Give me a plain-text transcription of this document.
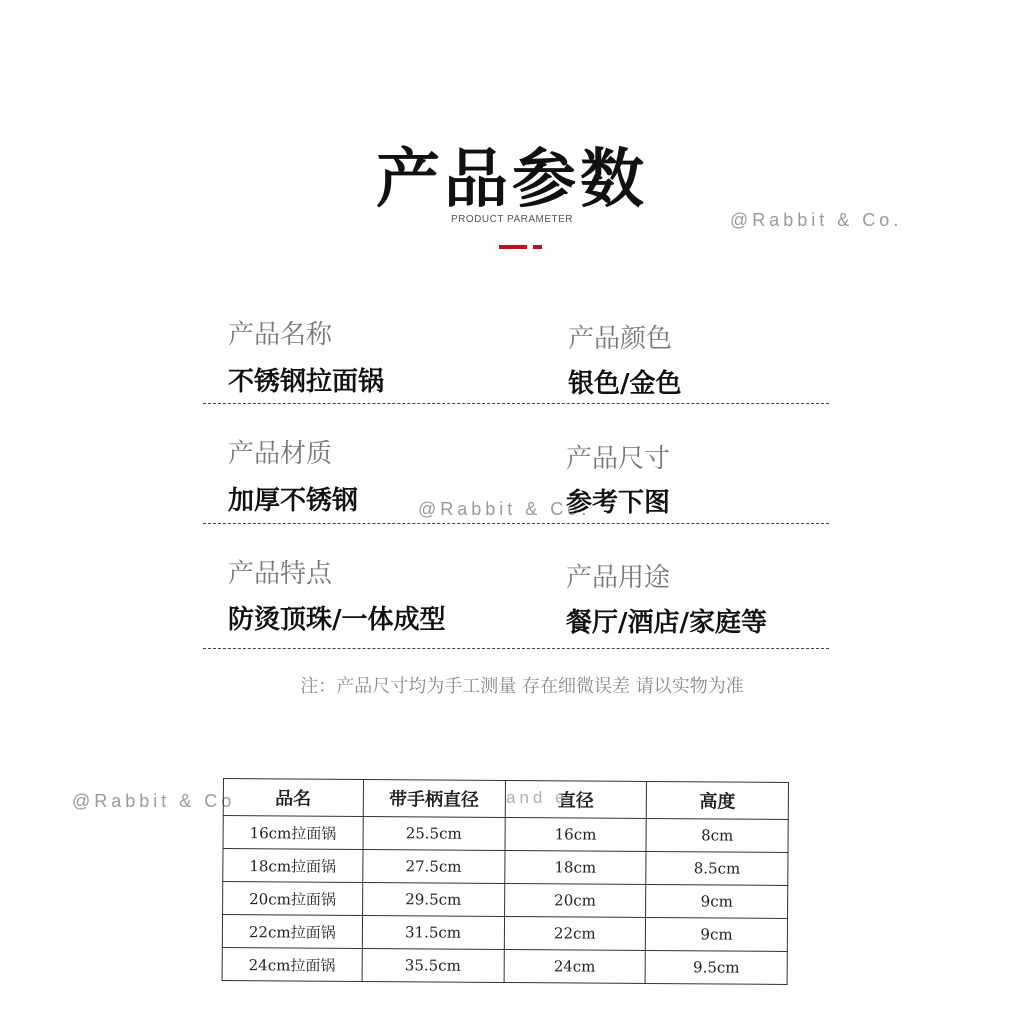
产品参数
PRODUCT PARAMETER	@Rabbit & Co.
@Rabbit & Co.
@Rabbit & Co
产品名称
不锈钢拉面锅
产品颜色
银色/金色
产品材质
加厚不锈钢
产品尺寸
参考下图
产品特点
防烫顶珠/一体成型
产品用途
餐厅/酒店/家庭等
注：产品尺寸均为手工测量 存在细微误差 请以实物为准
品名	带手柄直径	直径	高度
16cm拉面锅	25.5cm	16cm	8cm
18cm拉面锅	27.5cm	18cm	8.5cm
20cm拉面锅	29.5cm	20cm	9cm
22cm拉面锅	31.5cm	22cm	9cm
24cm拉面锅	35.5cm	24cm	9.5cm
and e
